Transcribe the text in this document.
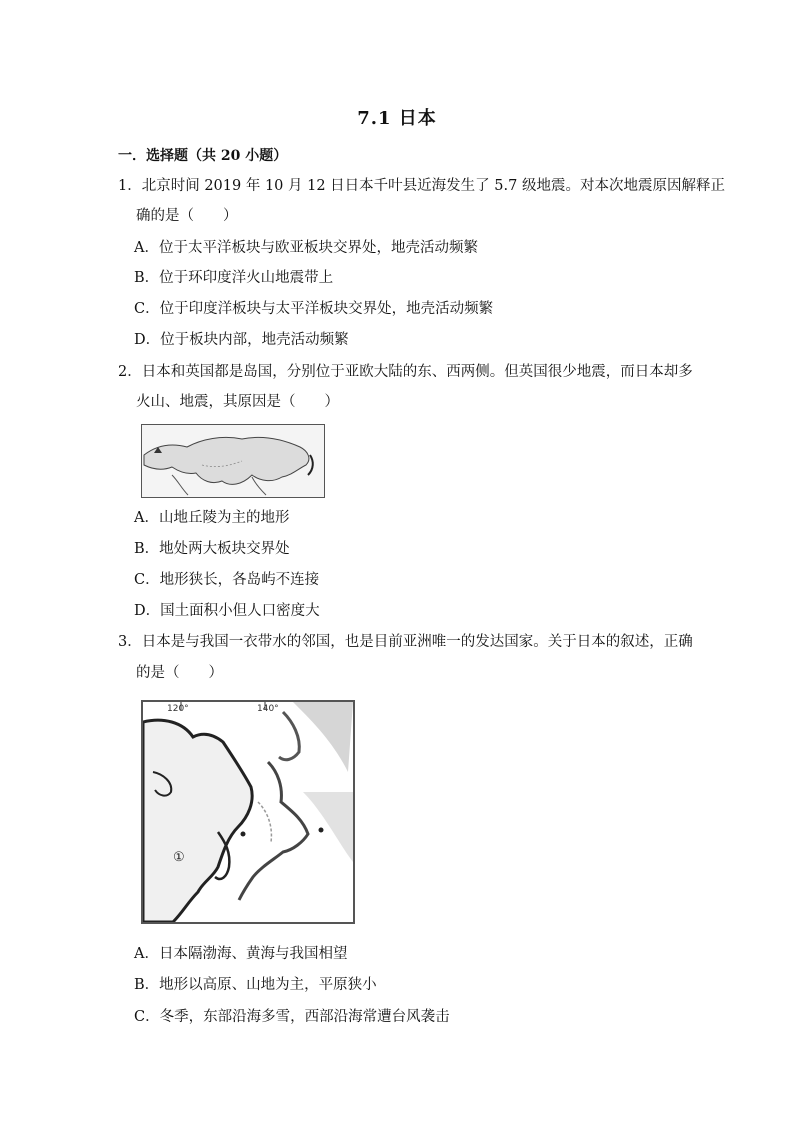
7.1 日本
一．选择题（共 20 小题）
1．北京时间 2019 年 10 月 12 日日本千叶县近海发生了 5.7 级地震。对本次地震原因解释正
确的是（　　）
A．位于太平洋板块与欧亚板块交界处，地壳活动频繁
B．位于环印度洋火山地震带上
C．位于印度洋板块与太平洋板块交界处，地壳活动频繁
D．位于板块内部，地壳活动频繁
2．日本和英国都是岛国，分别位于亚欧大陆的东、西两侧。但英国很少地震，而日本却多
火山、地震，其原因是（　　）
A．山地丘陵为主的地形
B．地处两大板块交界处
C．地形狭长，各岛屿不连接
D．国土面积小但人口密度大
3．日本是与我国一衣带水的邻国，也是目前亚洲唯一的发达国家。关于日本的叙述，正确
的是（　　）
120°	140°
①
A．日本隔渤海、黄海与我国相望
B．地形以高原、山地为主，平原狭小
C．冬季，东部沿海多雪，西部沿海常遭台风袭击
